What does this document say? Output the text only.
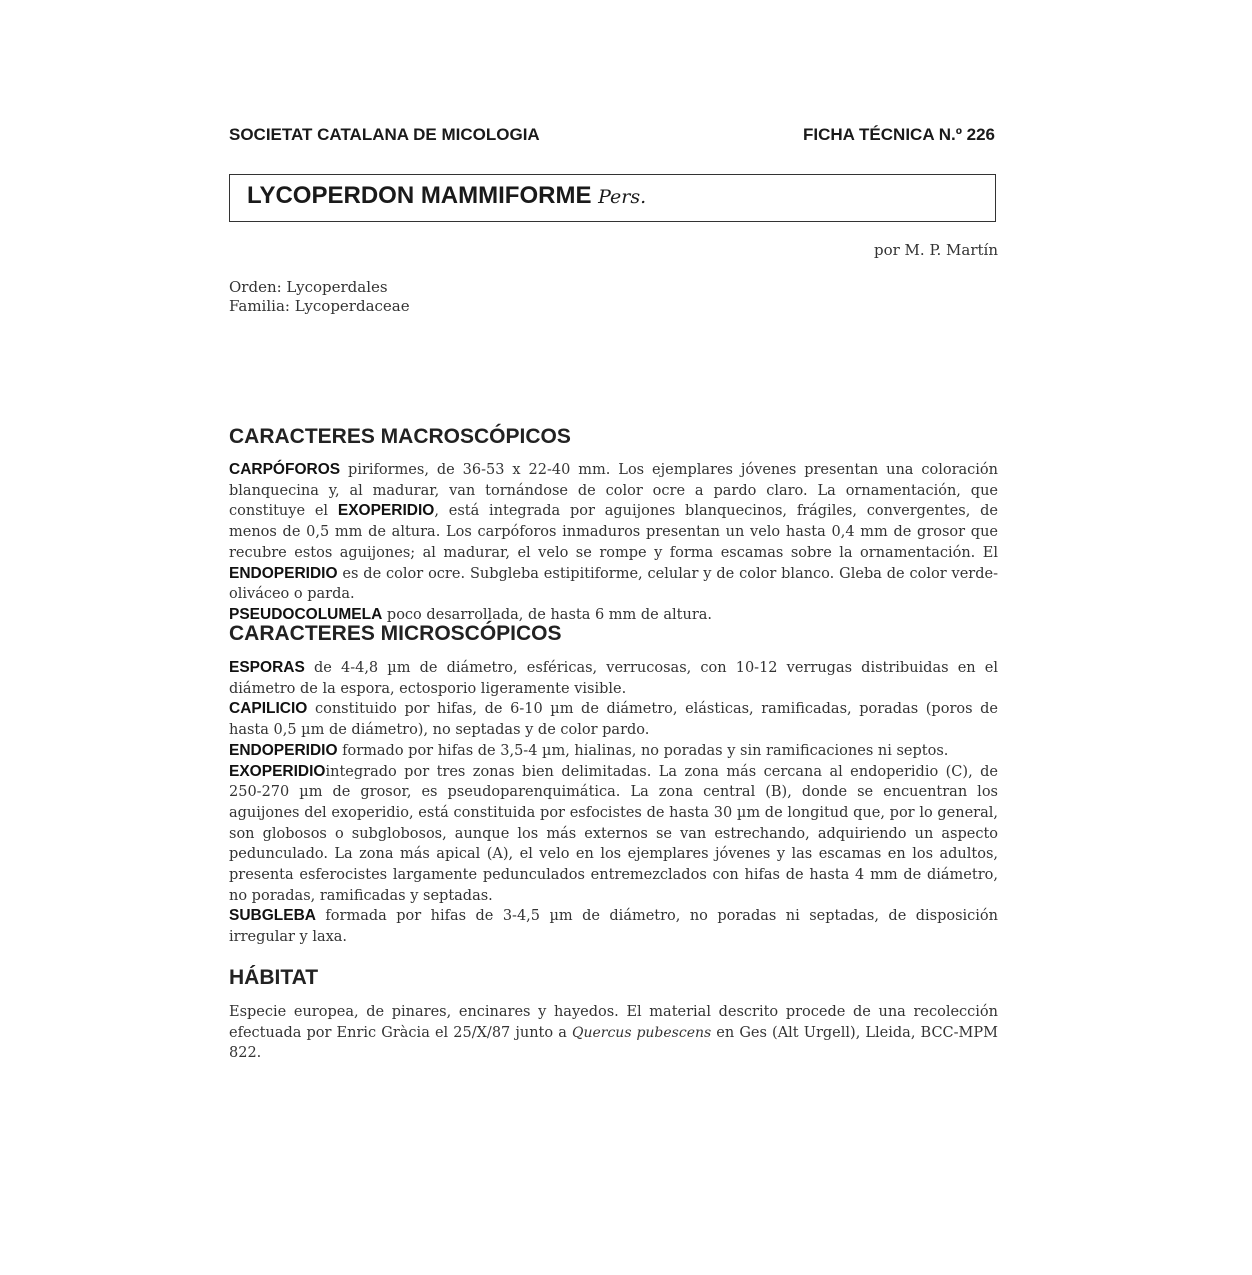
SOCIETAT CATALANA DE MICOLOGIA	FICHA TÉCNICA N.º 226
LYCOPERDON MAMMIFORME Pers.
por M. P. Martín
Orden: Lycoperdales
Familia: Lycoperdaceae
CARACTERES MACROSCÓPICOS

CARPÓFOROS piriformes, de 36-53 x 22-40 mm. Los ejemplares jóvenes presentan una coloración blanquecina y, al madurar, van tornándose de color ocre a pardo claro. La ornamentación, que constituye el EXOPERIDIO, está integrada por aguijones blanquecinos, frágiles, convergentes, de menos de 0,5 mm de altura. Los carpóforos inmaduros presentan un velo hasta 0,4 mm de grosor que recubre estos aguijones; al madurar, el velo se rompe y forma escamas sobre la ornamentación. El ENDOPERIDIO es de color ocre. Subgleba estipitiforme, celular y de color blanco. Gleba de color verde-oliváceo o parda.

PSEUDOCOLUMELA poco desarrollada, de hasta 6 mm de altura.

CARACTERES MICROSCÓPICOS

ESPORAS de 4-4,8 µm de diámetro, esféricas, verrucosas, con 10-12 verrugas distribuidas en el diámetro de la espora, ectosporio ligeramente visible.

CAPILICIO constituido por hifas, de 6-10 µm de diámetro, elásticas, ramificadas, poradas (poros de hasta 0,5 µm de diámetro), no septadas y de color pardo.

ENDOPERIDIO formado por hifas de 3,5-4 µm, hialinas, no poradas y sin ramificaciones ni septos.

EXOPERIDIOintegrado por tres zonas bien delimitadas. La zona más cercana al endoperidio (C), de 250-270 µm de grosor, es pseudoparenquimática. La zona central (B), donde se encuentran los aguijones del exoperidio, está constituida por esfocistes de hasta 30 µm de longitud que, por lo general, son globosos o subglobosos, aunque los más externos se van estrechando, adquiriendo un aspecto pedunculado. La zona más apical (A), el velo en los ejemplares jóvenes y las escamas en los adultos, presenta esferocistes largamente pedunculados entremezclados con hifas de hasta 4 mm de diámetro, no poradas, ramificadas y septadas.

SUBGLEBA formada por hifas de 3-4,5 µm de diámetro, no poradas ni septadas, de disposición irregular y laxa.

HÁBITAT

Especie europea, de pinares, encinares y hayedos. El material descrito procede de una recolección efectuada por Enric Gràcia el 25/X/87 junto a Quercus pubescens en Ges (Alt Urgell), Lleida, BCC-MPM 822.
